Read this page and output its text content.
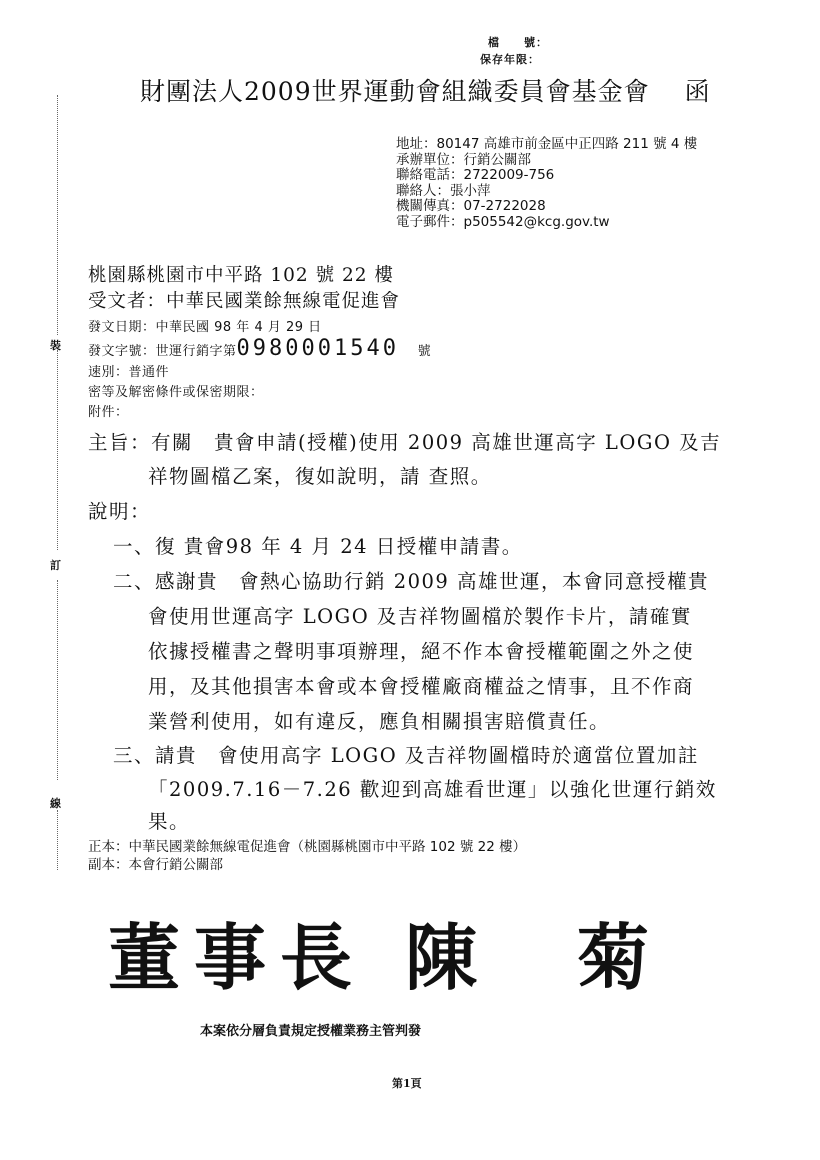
裝
訂
線
檔　　號：
保存年限：
財團法人2009世界運動會組織委員會基金會　 函
地址：80147 高雄市前金區中正四路 211 號 4 樓
承辦單位：行銷公關部
聯絡電話：2722009-756
聯絡人：張小萍
機關傳真：07-2722028
電子郵件：p505542@kcg.gov.tw
桃園縣桃園市中平路 102 號 22 樓
受文者：中華民國業餘無線電促進會
發文日期：中華民國 98 年 4 月 29 日
發文字號：世運行銷字第0980001540 號
速別：普通件
密等及解密條件或保密期限：
附件：
主旨：有關　貴會申請(授權)使用 2009 高雄世運高字 LOGO 及吉
祥物圖檔乙案，復如說明，請 查照。
說明：
一、復 貴會98 年 4 月 24 日授權申請書。
二、感謝貴　會熱心協助行銷 2009 高雄世運，本會同意授權貴
會使用世運高字 LOGO 及吉祥物圖檔於製作卡片，請確實
依據授權書之聲明事項辦理，絕不作本會授權範圍之外之使
用，及其他損害本會或本會授權廠商權益之情事，且不作商
業營利使用，如有違反，應負相關損害賠償責任。
三、請貴　會使用高字 LOGO 及吉祥物圖檔時於適當位置加註
「2009.7.16－7.26 歡迎到高雄看世運」以強化世運行銷效
果。
正本：中華民國業餘無線電促進會（桃園縣桃園市中平路 102 號 22 樓）
副本：本會行銷公關部
董事長 陳　菊
本案依分層負責規定授權業務主管判發
第1頁
